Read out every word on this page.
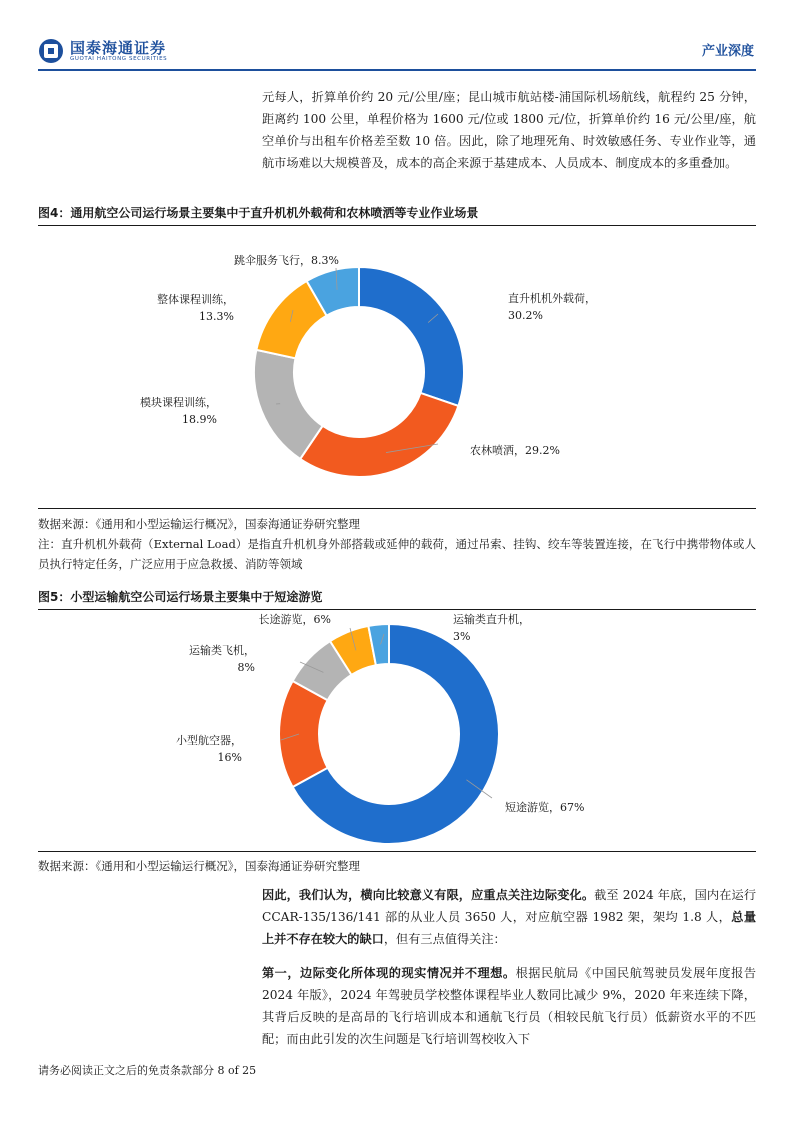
国泰海通证券
GUOTAI HAITONG SECURITIES	产业深度

元每人，折算单价约 20 元/公里/座；昆山城市航站楼-浦国际机场航线，航程约 25 分钟，距离约 100 公里，单程价格为 1600 元/位或 1800 元/位，折算单价约 16 元/公里/座，航空单价与出租车价格差至数 10 倍。因此，除了地理死角、时效敏感任务、专业作业等，通航市场难以大规模普及，成本的高企来源于基建成本、人员成本、制度成本的多重叠加。

图4：通用航空公司运行场景主要集中于直升机机外载荷和农林喷洒等专业作业场景
直升机机外载荷， 30.2%
农林喷洒，29.2%
模块课程训练， 18.9%
整体课程训练， 13.3%
跳伞服务飞行，8.3%

数据来源：《通用和小型运输运行概况》，国泰海通证券研究整理

注：直升机机外载荷（External Load）是指直升机机身外部搭载或延伸的载荷，通过吊索、挂钩、绞车等装置连接，在飞行中携带物体或人员执行特定任务，广泛应用于应急救援、消防等领域

图5：小型运输航空公司运行场景主要集中于短途游览
短途游览，67%
小型航空器， 16%
运输类飞机， 8%
长途游览，6%	运输类直升机， 3%

数据来源：《通用和小型运输运行概况》，国泰海通证券研究整理

因此，我们认为，横向比较意义有限，应重点关注边际变化。截至 2024 年底，国内在运行 CCAR-135/136/141 部的从业人员 3650 人，对应航空器 1982 架，架均 1.8 人，总量上并不存在较大的缺口，但有三点值得关注：

第一，边际变化所体现的现实情况并不理想。根据民航局《中国民航驾驶员发展年度报告 2024 年版》，2024 年驾驶员学校整体课程毕业人数同比减少 9%，2020 年来连续下降，其背后反映的是高昂的飞行培训成本和通航飞行员（相较民航飞行员）低薪资水平的不匹配；而由此引发的次生问题是飞行培训驾校收入下

请务必阅读正文之后的免责条款部分 8 of 25
